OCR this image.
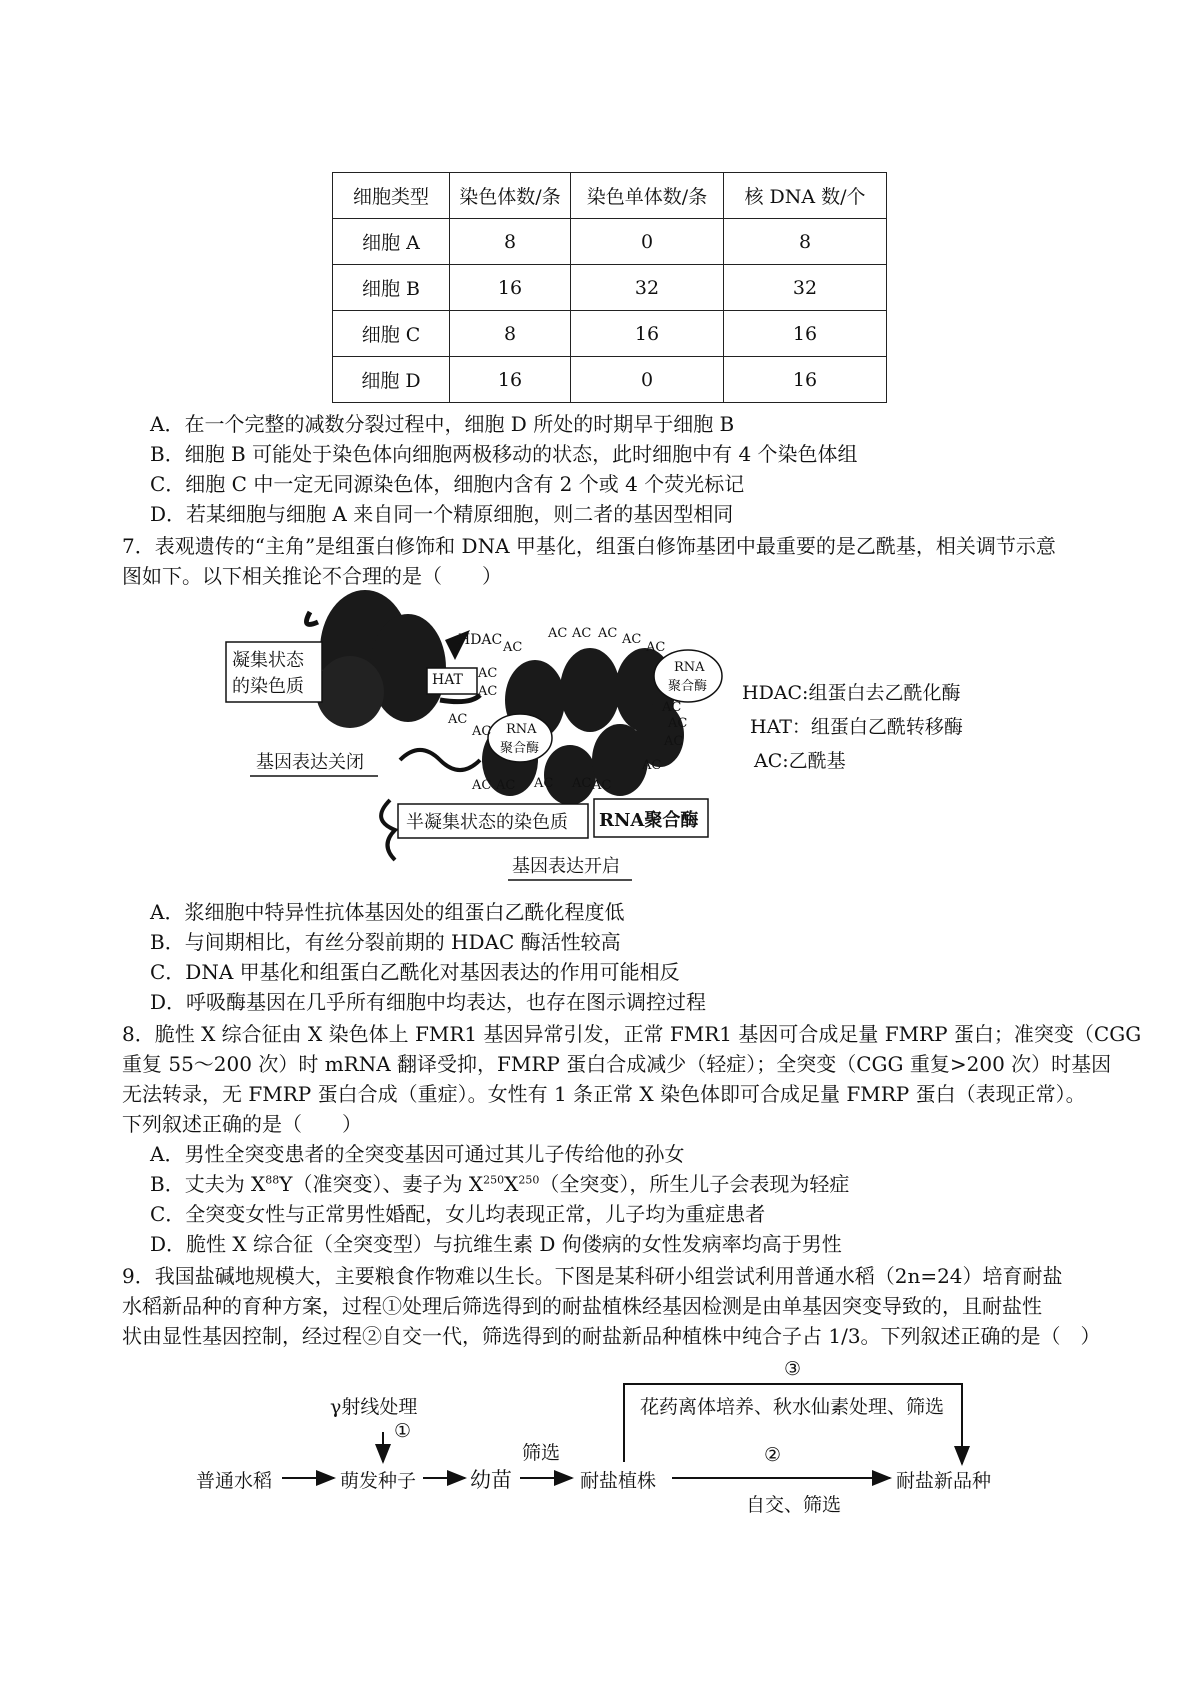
细胞类型	染色体数/条	染色单体数/条	核 DNA 数/个
细胞 A	8	0	8
细胞 B	16	32	32
细胞 C	8	16	16
细胞 D	16	0	16
A．在一个完整的减数分裂过程中，细胞 D 所处的时期早于细胞 B
B．细胞 B 可能处于染色体向细胞两极移动的状态，此时细胞中有 4 个染色体组
C．细胞 C 中一定无同源染色体，细胞内含有 2 个或 4 个荧光标记
D．若某细胞与细胞 A 来自同一个精原细胞，则二者的基因型相同
7．表观遗传的“主角”是组蛋白修饰和 DNA 甲基化，组蛋白修饰基团中最重要的是乙酰基，相关调节示意
图如下。以下相关推论不合理的是（　　）
凝集状态
的染色质
基因表达关闭
半凝集状态的染色质 RNA聚合酶
基因表达开启
HDAC
HAT
RNA
聚合酶
RNA
聚合酶
AC AC AC AC
AC
AC
AC
AC
AC
AC
AC
AC
AC
AC
AC AC AC AC AC
HDAC:组蛋白去乙酰化酶
HAT：组蛋白乙酰转移酶
AC:乙酰基
A．浆细胞中特异性抗体基因处的组蛋白乙酰化程度低
B．与间期相比，有丝分裂前期的 HDAC 酶活性较高
C．DNA 甲基化和组蛋白乙酰化对基因表达的作用可能相反
D．呼吸酶基因在几乎所有细胞中均表达，也存在图示调控过程
8．脆性 X 综合征由 X 染色体上 FMR1 基因异常引发，正常 FMR1 基因可合成足量 FMRP 蛋白；准突变（CGG
重复 55～200 次）时 mRNA 翻译受抑，FMRP 蛋白合成减少（轻症）；全突变（CGG 重复>200 次）时基因
无法转录，无 FMRP 蛋白合成（重症）。女性有 1 条正常 X 染色体即可合成足量 FMRP 蛋白（表现正常）。
下列叙述正确的是（　　）
A．男性全突变患者的全突变基因可通过其儿子传给他的孙女
B．丈夫为 $X^{88}Y$（准突变）、妻子为 $X^{250}X^{250}$（全突变），所生儿子会表现为轻症
C．全突变女性与正常男性婚配，女儿均表现正常，儿子均为重症患者
D．脆性 X 综合征（全突变型）与抗维生素 D 佝偻病的女性发病率均高于男性
9．我国盐碱地规模大，主要粮食作物难以生长。下图是某科研小组尝试利用普通水稻（2n=24）培育耐盐
水稻新品种的育种方案，过程①处理后筛选得到的耐盐植株经基因检测是由单基因突变导致的，且耐盐性
状由显性基因控制，经过程②自交一代，筛选得到的耐盐新品种植株中纯合子占 1/3。下列叙述正确的是（　）
普通水稻	萌发种子	幼苗	耐盐植株	耐盐新品种
γ射线处理
①
筛选	②
自交、筛选
③
花药离体培养、秋水仙素处理、筛选
